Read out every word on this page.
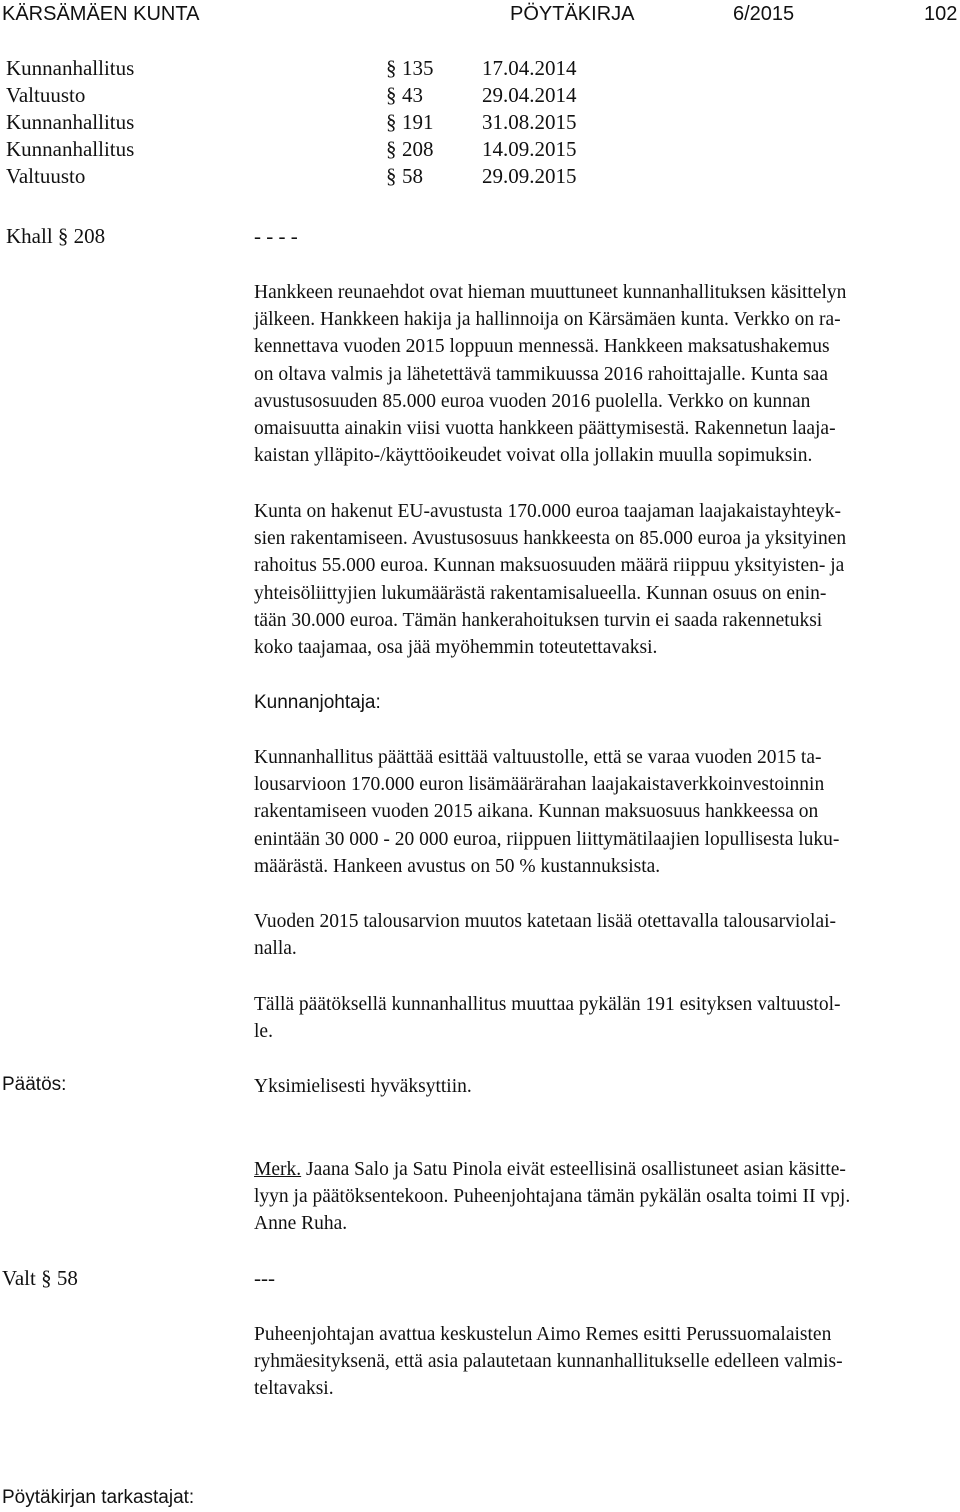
KÄRSÄMÄEN KUNTA	PÖYTÄKIRJA	6/2015	102
Kunnanhallitus	§ 135 17.04.2014
Valtuusto	§ 43	29.04.2014
Kunnanhallitus	§ 191 31.08.2015
Kunnanhallitus	§ 208 14.09.2015
Valtuusto	§ 58	29.09.2015
Khall § 208	- - - -
Hankkeen reunaehdot ovat hieman muuttuneet kunnanhallituksen käsittelyn
jälkeen. Hankkeen hakija ja hallinnoija on Kärsämäen kunta. Verkko on ra-
kennettava vuoden 2015 loppuun mennessä. Hankkeen maksatushakemus
on oltava valmis ja lähetettävä tammikuussa 2016 rahoittajalle. Kunta saa
avustusosuuden 85.000 euroa vuoden 2016 puolella. Verkko on kunnan
omaisuutta ainakin viisi vuotta hankkeen päättymisestä. Rakennetun laaja-
kaistan ylläpito-/käyttöoikeudet voivat olla jollakin muulla sopimuksin.
Kunta on hakenut EU-avustusta 170.000 euroa taajaman laajakaistayhteyk-
sien rakentamiseen. Avustusosuus hankkeesta on 85.000 euroa ja yksityinen
rahoitus 55.000 euroa. Kunnan maksuosuuden määrä riippuu yksityisten- ja
yhteisöliittyjien lukumäärästä rakentamisalueella. Kunnan osuus on enin-
tään 30.000 euroa. Tämän hankerahoituksen turvin ei saada rakennetuksi
koko taajamaa, osa jää myöhemmin toteutettavaksi.
Kunnanjohtaja:
Kunnanhallitus päättää esittää valtuustolle, että se varaa vuoden 2015 ta-
lousarvioon 170.000 euron lisämäärärahan laajakaistaverkkoinvestoinnin
rakentamiseen vuoden 2015 aikana. Kunnan maksuosuus hankkeessa on
enintään 30 000 - 20 000 euroa, riippuen liittymätilaajien lopullisesta luku-
määrästä. Hankeen avustus on 50 % kustannuksista.
Vuoden 2015 talousarvion muutos katetaan lisää otettavalla talousarviolai-
nalla.
Tällä päätöksellä kunnanhallitus muuttaa pykälän 191 esityksen valtuustol-
le.
Päätös:	Yksimielisesti hyväksyttiin.
Merk. Jaana Salo ja Satu Pinola eivät esteellisinä osallistuneet asian käsitte-
lyyn ja päätöksentekoon. Puheenjohtajana tämän pykälän osalta toimi II vpj.
Anne Ruha.
Valt § 58	---
Puheenjohtajan avattua keskustelun Aimo Remes esitti Perussuomalaisten
ryhmäesityksenä, että asia palautetaan kunnanhallitukselle edelleen valmis-
teltavaksi.
Pöytäkirjan tarkastajat:
